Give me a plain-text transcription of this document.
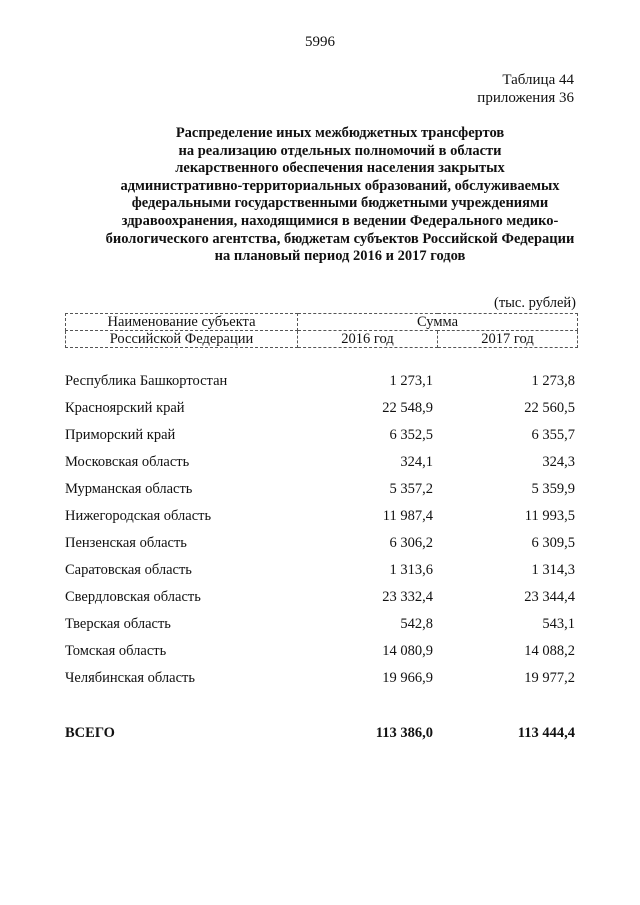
5996
Таблица 44
приложения 36
Распределение иных межбюджетных трансфертов
на реализацию отдельных полномочий в области
лекарственного обеспечения населения закрытых
административно-территориальных образований, обслуживаемых
федеральными государственными бюджетными учреждениями
здравоохранения, находящимися в ведении Федерального медико-
биологического агентства, бюджетам субъектов Российской Федерации
на плановый период 2016 и 2017 годов
(тыс. рублей)
Наименование субъекта	Сумма	
Российской Федерации	2016 год	2017 год
Республика Башкортостан	1 273,1	1 273,8
Красноярский край	22 548,9	22 560,5
Приморский край	6 352,5	6 355,7
Московская область	324,1	324,3
Мурманская область	5 357,2	5 359,9
Нижегородская область	11 987,4	11 993,5
Пензенская область	6 306,2	6 309,5
Саратовская область	1 313,6	1 314,3
Свердловская область	23 332,4	23 344,4
Тверская область	542,8	543,1
Томская область	14 080,9	14 088,2
Челябинская область	19 966,9	19 977,2
ВСЕГО	113 386,0	113 444,4
